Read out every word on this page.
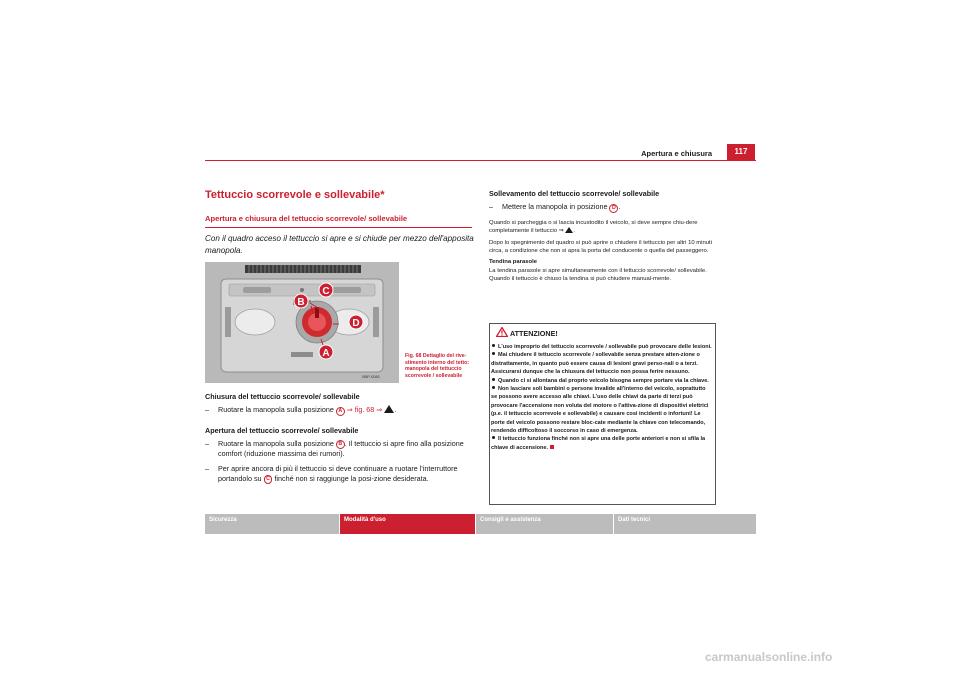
Apertura e chiusura	117
Tettuccio scorrevole e sollevabile*
Apertura e chiusura del tettuccio scorrevole/ sollevabile
Con il quadro acceso il tettuccio si apre e si chiude per mezzo dell'apposita manopola.
A
B
C
D
B5P-0081
Fig. 68 Dettaglio del rive-stimento interno del tetto: manopola del tettuccio scorrevole / sollevabile
Chiusura del tettuccio scorrevole/ sollevabile
– Ruotare la manopola sulla posizione A ⇒ fig. 68 ⇒ .
Apertura del tettuccio scorrevole/ sollevabile
– Ruotare la manopola sulla posizione B . Il tettuccio si apre fino alla posizione comfort (riduzione massima dei rumori).
– Per aprire ancora di più il tettuccio si deve continuare a ruotare l'interruttore portandolo su C finché non si raggiunge la posi-zione desiderata.
Sollevamento del tettuccio scorrevole/ sollevabile
– Mettere la manopola in posizione D .
Quando si parcheggia o si lascia incustodito il veicolo, si deve sempre chiu-dere completamente il tettuccio ⇒ .
Dopo lo spegnimento del quadro si può aprire o chiudere il tettuccio per altri 10 minuti circa, a condizione che non si apra la porta del conducente o quella del passeggero.
Tendina parasole
La tendina parasole si apre simultaneamente con il tettuccio scorrevole/ sollevabile. Quando il tettuccio è chiuso la tendina si può chiudere manual-mente.
ATTENZIONE!
L'uso improprio del tettuccio scorrevole / sollevabile può provocare delle lesioni.
Mai chiudere il tettuccio scorrevole / sollevabile senza prestare atten-zione o distrattamente, in quanto può essere causa di lesioni gravi perso-nali o a terzi. Assicurarsi dunque che la chiusura del tettuccio non possa ferire nessuno.
Quando ci si allontana dal proprio veicolo bisogna sempre portare via la chiave.
Non lasciare soli bambini o persone invalide all'interno del veicolo, soprattutto se possono avere accesso alle chiavi. L'uso delle chiavi da parte di terzi può provocare l'accensione non voluta del motore o l'attiva-zione di dispositivi elettrici (p.e. il tettuccio scorrevole e sollevabile) e causare così incidenti o infortuni! Le porte del veicolo possono restare bloc-cate mediante la chiave con telecomando, rendendo difficoltoso il soccorso in caso di emergenza.
Il tettuccio funziona finché non si apre una delle porte anteriori e non si sfila la chiave di accensione.
Sicurezza	Modalità d'uso	Consigli e assistenza	Dati tecnici
carmanualsonline.info
